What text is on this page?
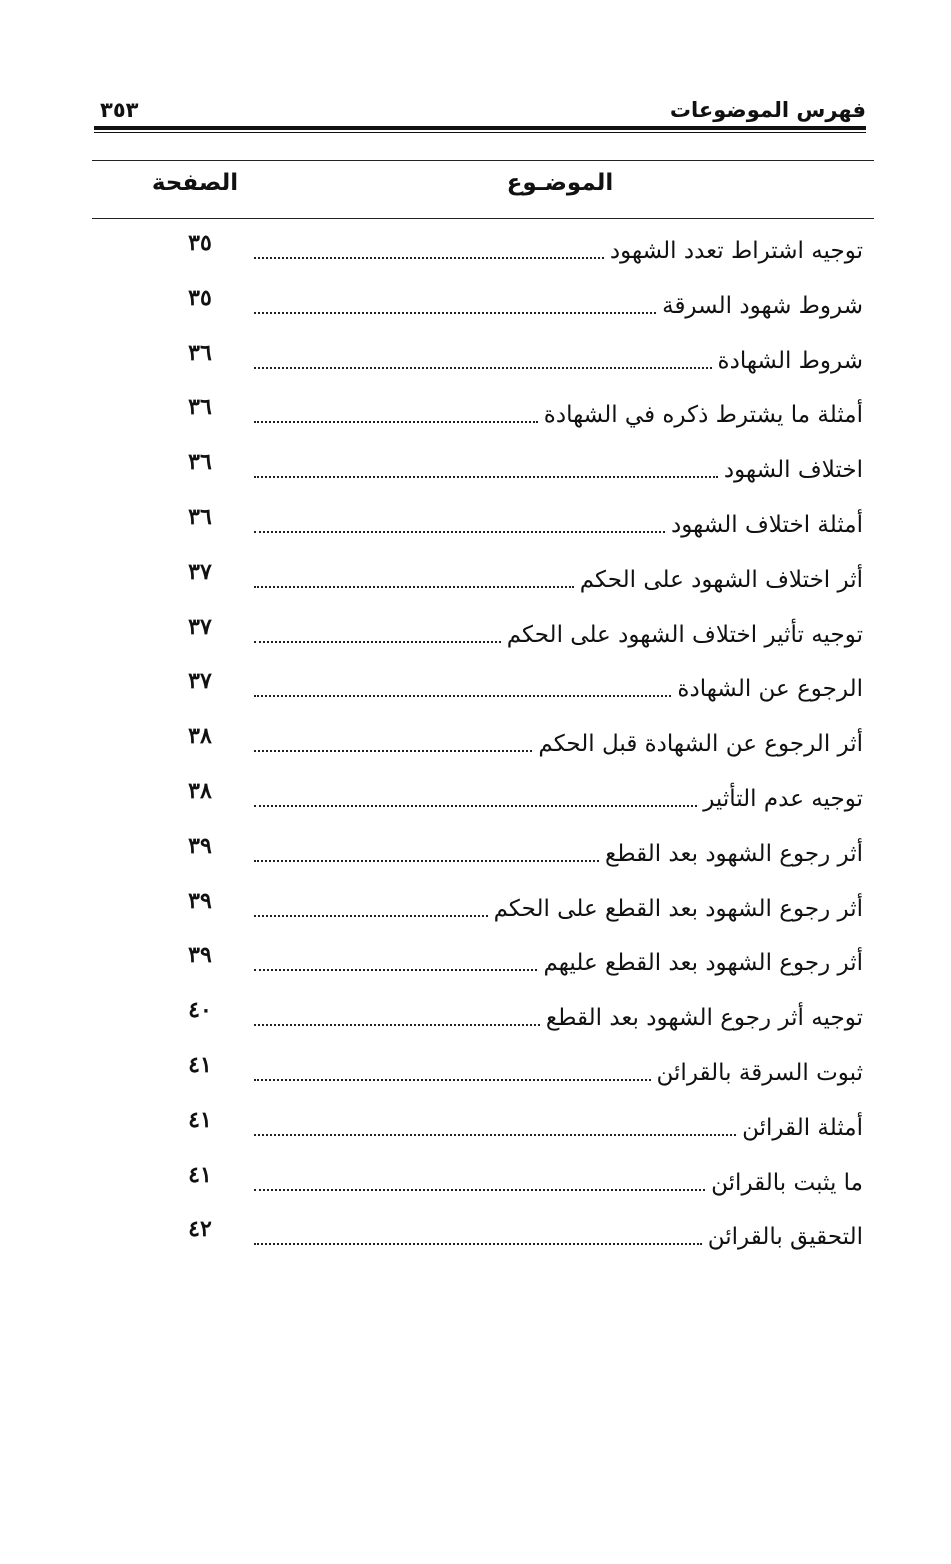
فهرس الموضوعات
٣٥٣
الموضـوع
الصفحة
توجيه اشتراط تعدد الشهود
٣٥
شروط شهود السرقة
٣٥
شروط الشهادة
٣٦
أمثلة ما يشترط ذكره في الشهادة
٣٦
اختلاف الشهود
٣٦
أمثلة اختلاف الشهود
٣٦
أثر اختلاف الشهود على الحكم
٣٧
توجيه تأثير اختلاف الشهود على الحكم
٣٧
الرجوع عن الشهادة
٣٧
أثر الرجوع عن الشهادة قبل الحكم
٣٨
توجيه عدم التأثير
٣٨
أثر رجوع الشهود بعد القطع
٣٩
أثر رجوع الشهود بعد القطع على الحكم
٣٩
أثر رجوع الشهود بعد القطع عليهم
٣٩
توجيه أثر رجوع الشهود بعد القطع
٤٠
ثبوت السرقة بالقرائن
٤١
أمثلة القرائن
٤١
ما يثبت بالقرائن
٤١
التحقيق بالقرائن
٤٢
